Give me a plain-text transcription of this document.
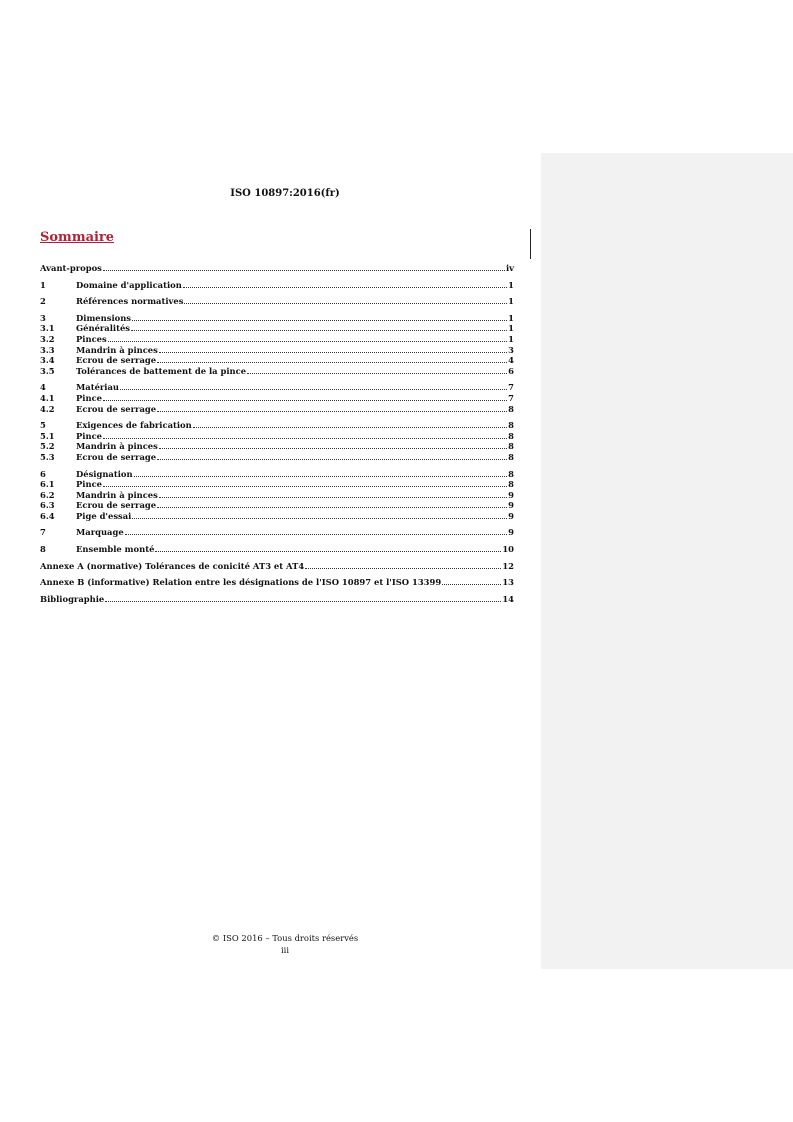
ISO 10897:2016(fr)
Sommaire
Avant-propos	iv
1	Domaine d'application	1
2	Références normatives	1
3	Dimensions	1
3.1	Généralités	1
3.2	Pinces	1
3.3	Mandrin à pinces	3
3.4	Ecrou de serrage	4
3.5	Tolérances de battement de la pince	6
4	Matériau	7
4.1	Pince	7
4.2	Ecrou de serrage	8
5	Exigences de fabrication	8
5.1	Pince	8
5.2	Mandrin à pinces	8
5.3	Ecrou de serrage	8
6	Désignation	8
6.1	Pince	8
6.2	Mandrin à pinces	9
6.3	Ecrou de serrage	9
6.4	Pige d'essai	9
7	Marquage	9
8	Ensemble monté	10
Annexe A (normative) Tolérances de conicité AT3 et AT4	12
Annexe B (informative) Relation entre les désignations de l'ISO 10897 et l'ISO 13399	13
Bibliographie	14
© ISO 2016 – Tous droits réservés
iii
